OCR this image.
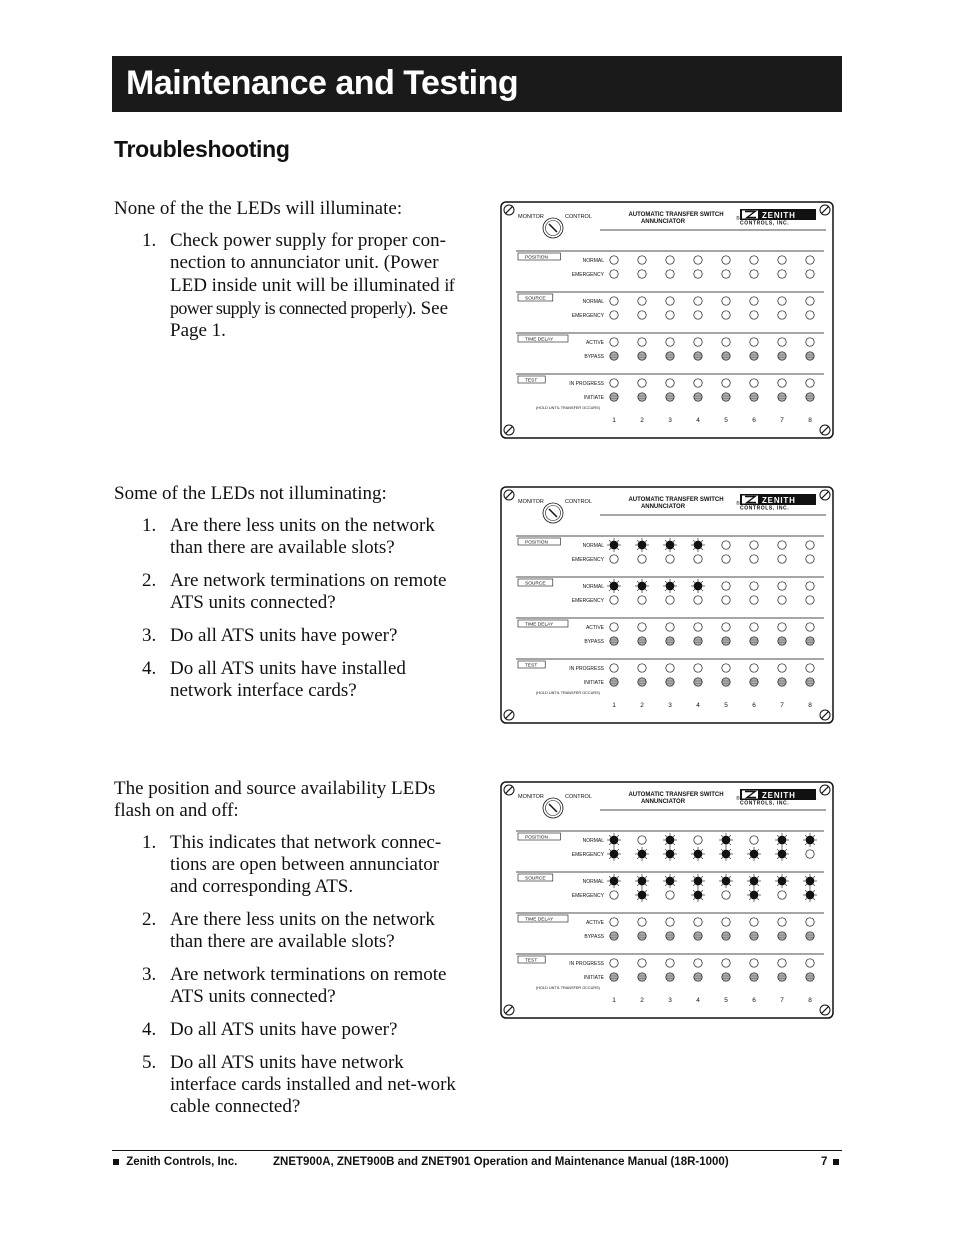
Maintenance and Testing
Troubleshooting

None of the the LEDs will illuminate:

1. Check power supply for proper con-nection to annunciator unit. (Power LED inside unit will be illuminated if power supply is connected properly). See Page 1.

Some of the LEDs not illuminating:

1. Are there less units on the network than there are available slots?
2. Are network terminations on remote ATS units connected?
3. Do all ATS units have power?
4. Do all ATS units have installed network interface cards?

The position and source availability LEDs flash on and off:

1. This indicates that network connec-tions are open between annunciator and corresponding ATS.
2. Are there less units on the network than there are available slots?
3. Are network terminations on remote ATS units connected?
4. Do all ATS units have power?
5. Do all ATS units have network interface cards installed and net-work cable connected?
MONITOR	CONTROL	AUTOMATIC TRANSFER SWITCH
ANNUNCIATOR
ZENITH
CONTROLS, INC.
®
POSITION
NORMAL
EMERGENCY
SOURCE
NORMAL
EMERGENCY
TIME DELAY
ACTIVE
BYPASS
TEST
IN PROGRESS
INITIATE
(HOLD UNTIL TRANSFER OCCURS)
1	2	3	4	5	6	7	8
MONITOR	CONTROL	AUTOMATIC TRANSFER SWITCH
ANNUNCIATOR
ZENITH
CONTROLS, INC.
®
POSITION
NORMAL
EMERGENCY
SOURCE
NORMAL
EMERGENCY
TIME DELAY
ACTIVE
BYPASS
TEST
IN PROGRESS
INITIATE
(HOLD UNTIL TRANSFER OCCURS)
1	2	3	4	5	6	7	8
MONITOR	CONTROL	AUTOMATIC TRANSFER SWITCH
ANNUNCIATOR
ZENITH
CONTROLS, INC.
®
POSITION
NORMAL
EMERGENCY
SOURCE
NORMAL
EMERGENCY
TIME DELAY
ACTIVE
BYPASS
TEST
IN PROGRESS
INITIATE
(HOLD UNTIL TRANSFER OCCURS)
1	2	3	4	5	6	7	8
Zenith Controls, Inc.	ZNET900A, ZNET900B and ZNET901 Operation and Maintenance Manual (18R-1000)	7
